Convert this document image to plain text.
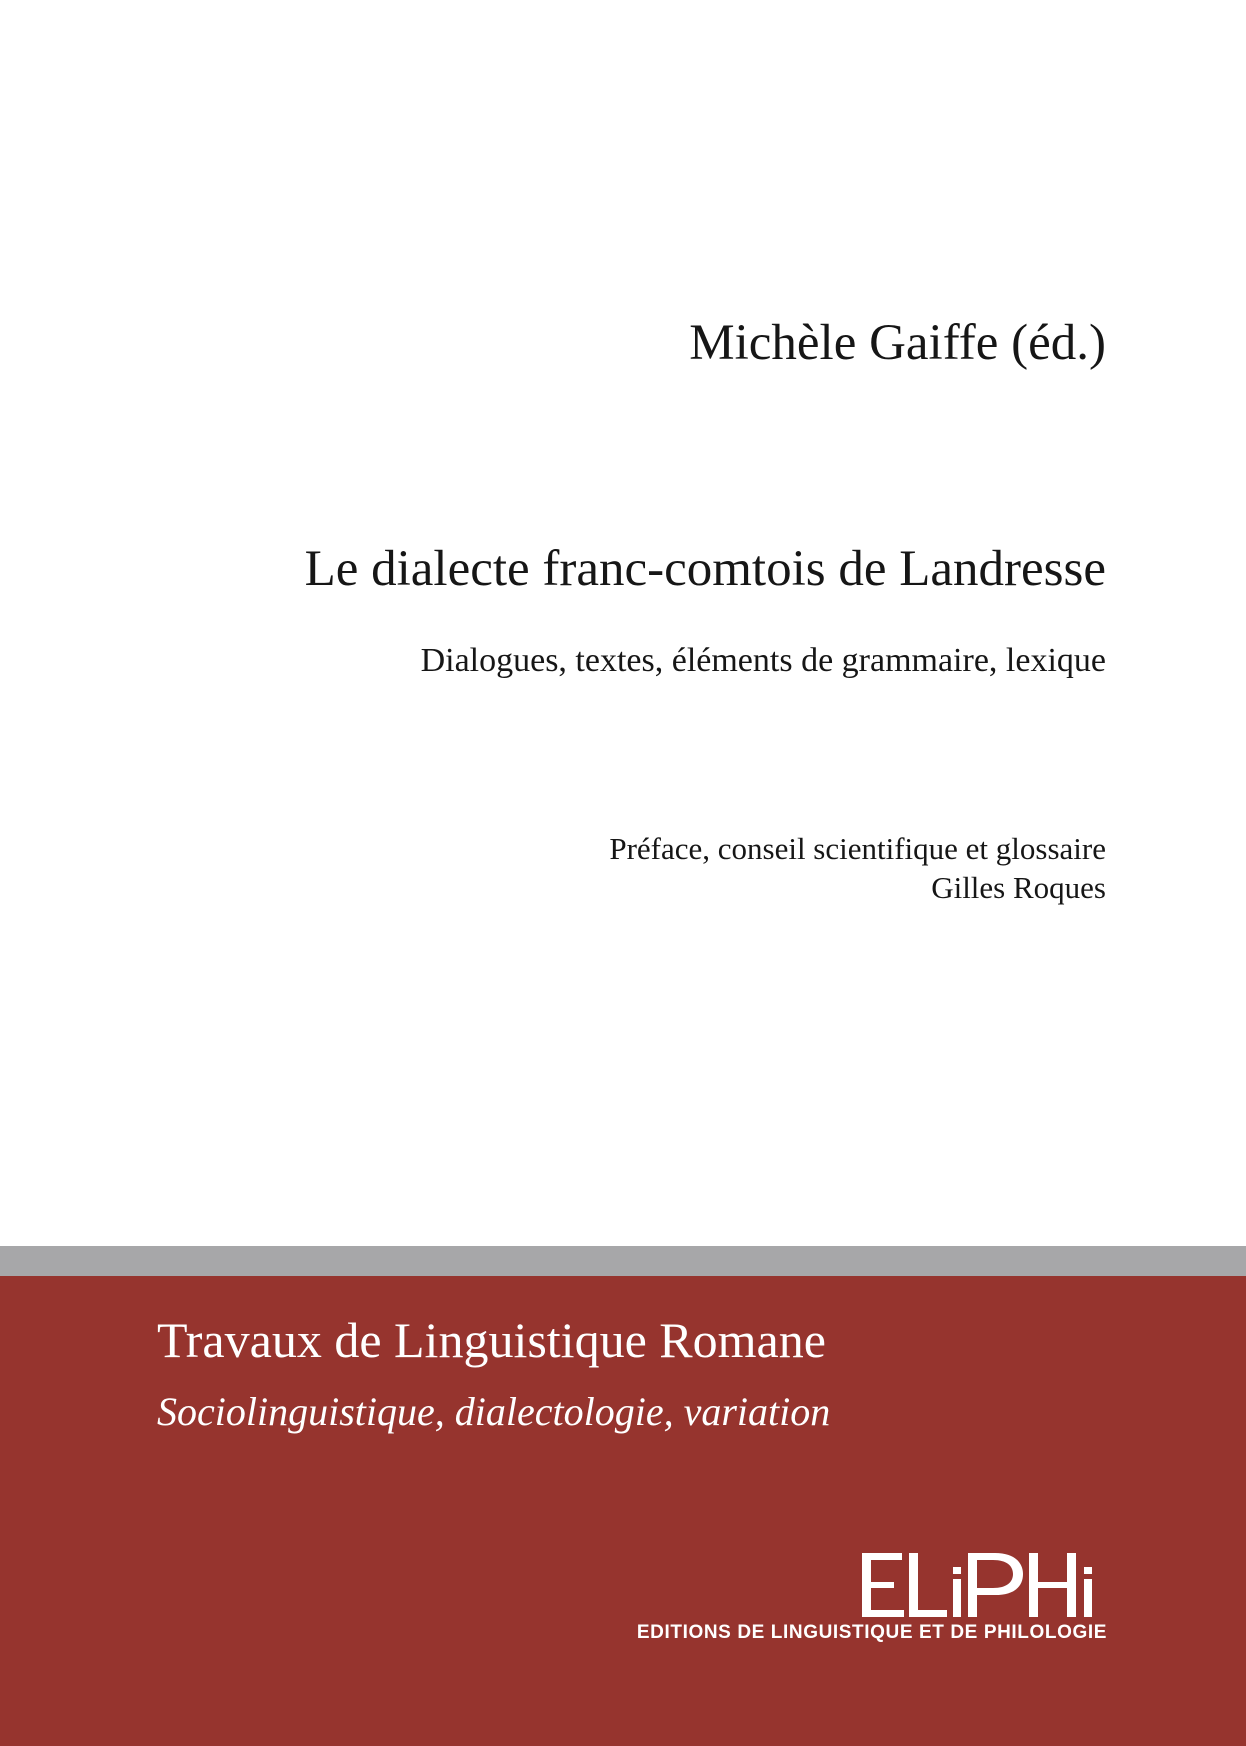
Michèle Gaiffe (éd.)
Le dialecte franc-comtois de Landresse
Dialogues, textes, éléments de grammaire, lexique
Préface, conseil scientifique et glossaire
Gilles Roques
Travaux de Linguistique Romane
Sociolinguistique, dialectologie, variation
EDITIONS DE LINGUISTIQUE ET DE PHILOLOGIE
